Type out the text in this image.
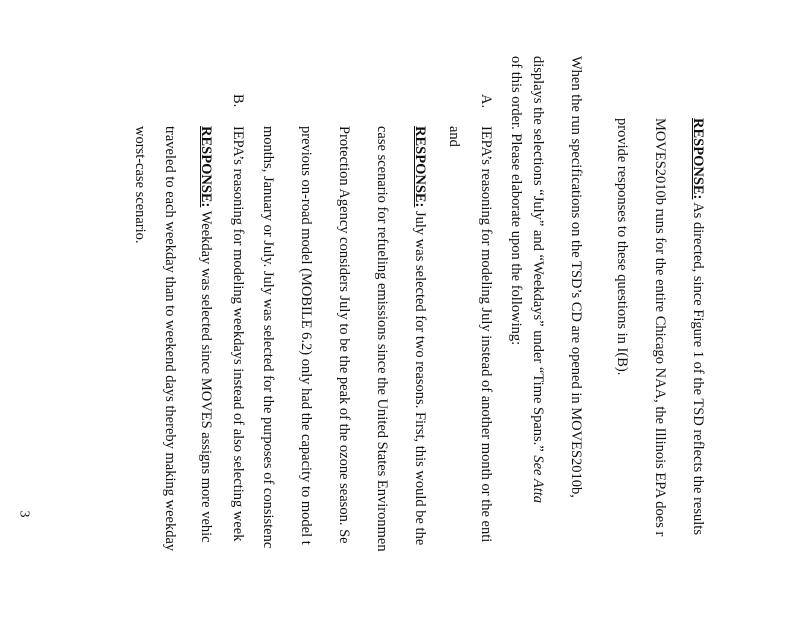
RESPONSE: As directed, since Figure 1 of the TSD reflects the results
MOVES2010b runs for the entire Chicago NAA, the Illinois EPA does r
provide responses to these questions in I(B).
When the run specifications on the TSD’s CD are opened in MOVES2010b,
displays the selections “July” and “Weekdays” under “Time Spans.” See Atta
of this order. Please elaborate upon the following:
A.
IEPA’s reasoning for modeling July instead of another month or the enti
and
RESPONSE: July was selected for two reasons. First, this would be the
case scenario for refueling emissions since the United States Environmen
Protection Agency considers July to be the peak of the ozone season. Se
previous on-road model (MOBILE 6.2) only had the capacity to model t
months, January or July. July was selected for the purposes of consistenc
B.
IEPA’s reasoning for modeling weekdays instead of also selecting week
RESPONSE: Weekday was selected since MOVES assigns more vehic
traveled to each weekday than to weekend days thereby making weekday
worst-case scenario.
3
